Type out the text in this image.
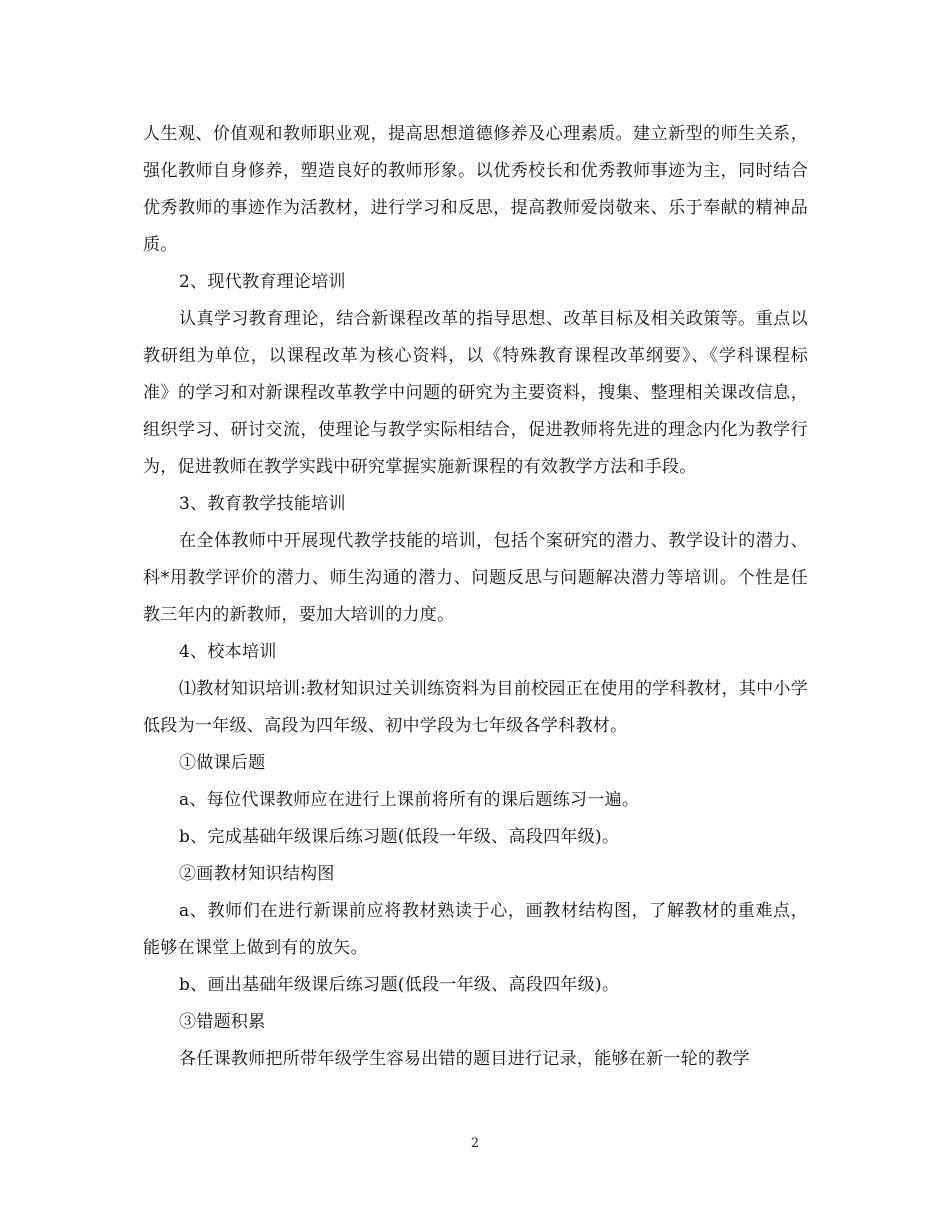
人生观、价值观和教师职业观，提高思想道德修养及心理素质。建立新型的师生关系，强化教师自身修养，塑造良好的教师形象。以优秀校长和优秀教师事迹为主，同时结合优秀教师的事迹作为活教材，进行学习和反思，提高教师爱岗敬来、乐于奉献的精神品质。

2、现代教育理论培训

认真学习教育理论，结合新课程改革的指导思想、改革目标及相关政策等。重点以教研组为单位，以课程改革为核心资料，以《特殊教育课程改革纲要》、《学科课程标准》的学习和对新课程改革教学中问题的研究为主要资料，搜集、整理相关课改信息，组织学习、研讨交流，使理论与教学实际相结合，促进教师将先进的理念内化为教学行为，促进教师在教学实践中研究掌握实施新课程的有效教学方法和手段。

3、教育教学技能培训

在全体教师中开展现代教学技能的培训，包括个案研究的潜力、教学设计的潜力、科*用教学评价的潜力、师生沟通的潜力、问题反思与问题解决潜力等培训。个性是任教三年内的新教师，要加大培训的力度。

4、校本培训

⑴教材知识培训:教材知识过关训练资料为目前校园正在使用的学科教材，其中小学低段为一年级、高段为四年级、初中学段为七年级各学科教材。

①做课后题

a、每位代课教师应在进行上课前将所有的课后题练习一遍。

b、完成基础年级课后练习题(低段一年级、高段四年级)。

②画教材知识结构图

a、教师们在进行新课前应将教材熟读于心，画教材结构图，了解教材的重难点，能够在课堂上做到有的放矢。

b、画出基础年级课后练习题(低段一年级、高段四年级)。

③错题积累

各任课教师把所带年级学生容易出错的题目进行记录，能够在新一轮的教学

2
